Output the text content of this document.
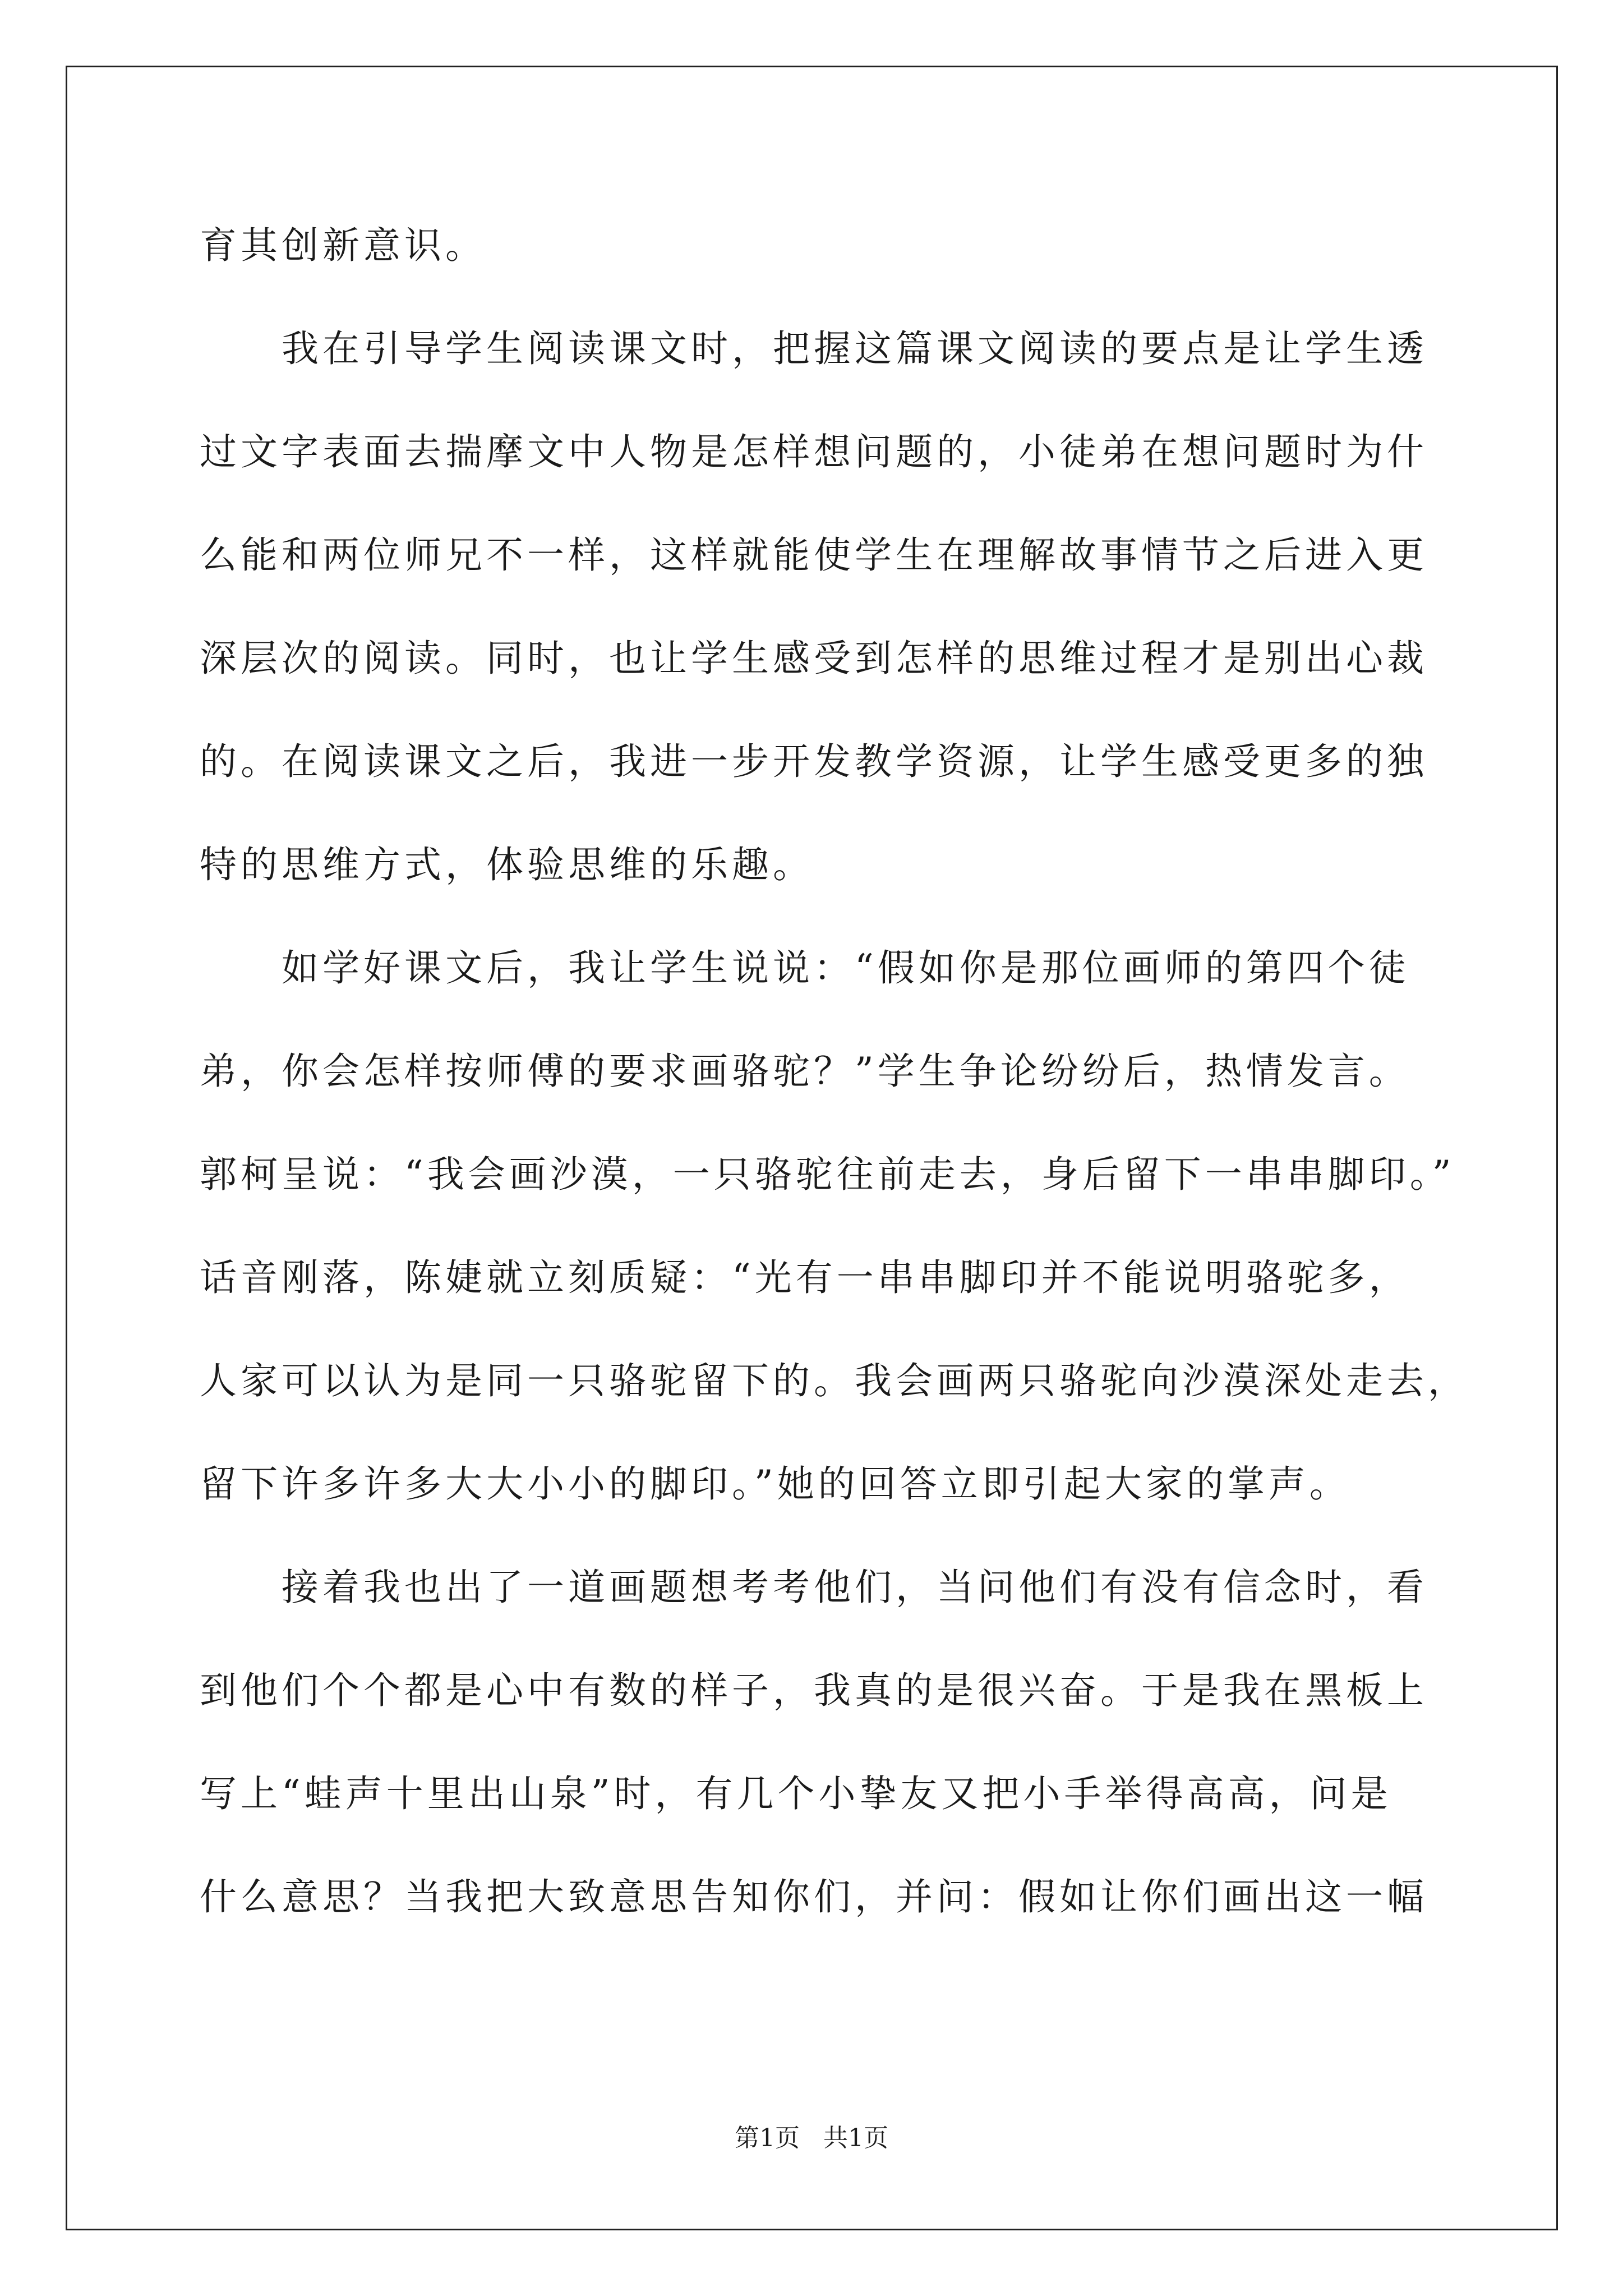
育其创新意识。
我在引导学生阅读课文时，把握这篇课文阅读的要点是让学生透
过文字表面去揣摩文中人物是怎样想问题的，小徒弟在想问题时为什
么能和两位师兄不一样，这样就能使学生在理解故事情节之后进入更
深层次的阅读。同时，也让学生感受到怎样的思维过程才是别出心裁
的。在阅读课文之后，我进一步开发教学资源，让学生感受更多的独
特的思维方式，体验思维的乐趣。
如学好课文后，我让学生说说：“假如你是那位画师的第四个徒
弟，你会怎样按师傅的要求画骆驼？”学生争论纷纷后，热情发言。
郭柯呈说：“我会画沙漠，一只骆驼往前走去，身后留下一串串脚印。”
话音刚落，陈婕就立刻质疑：“光有一串串脚印并不能说明骆驼多，
人家可以认为是同一只骆驼留下的。我会画两只骆驼向沙漠深处走去，
留下许多许多大大小小的脚印。”她的回答立即引起大家的掌声。
接着我也出了一道画题想考考他们，当问他们有没有信念时，看
到他们个个都是心中有数的样子，我真的是很兴奋。于是我在黑板上
写上“蛙声十里出山泉”时，有几个小挚友又把小手举得高高，问是
什么意思？当我把大致意思告知你们，并问：假如让你们画出这一幅
第1页   共1页
